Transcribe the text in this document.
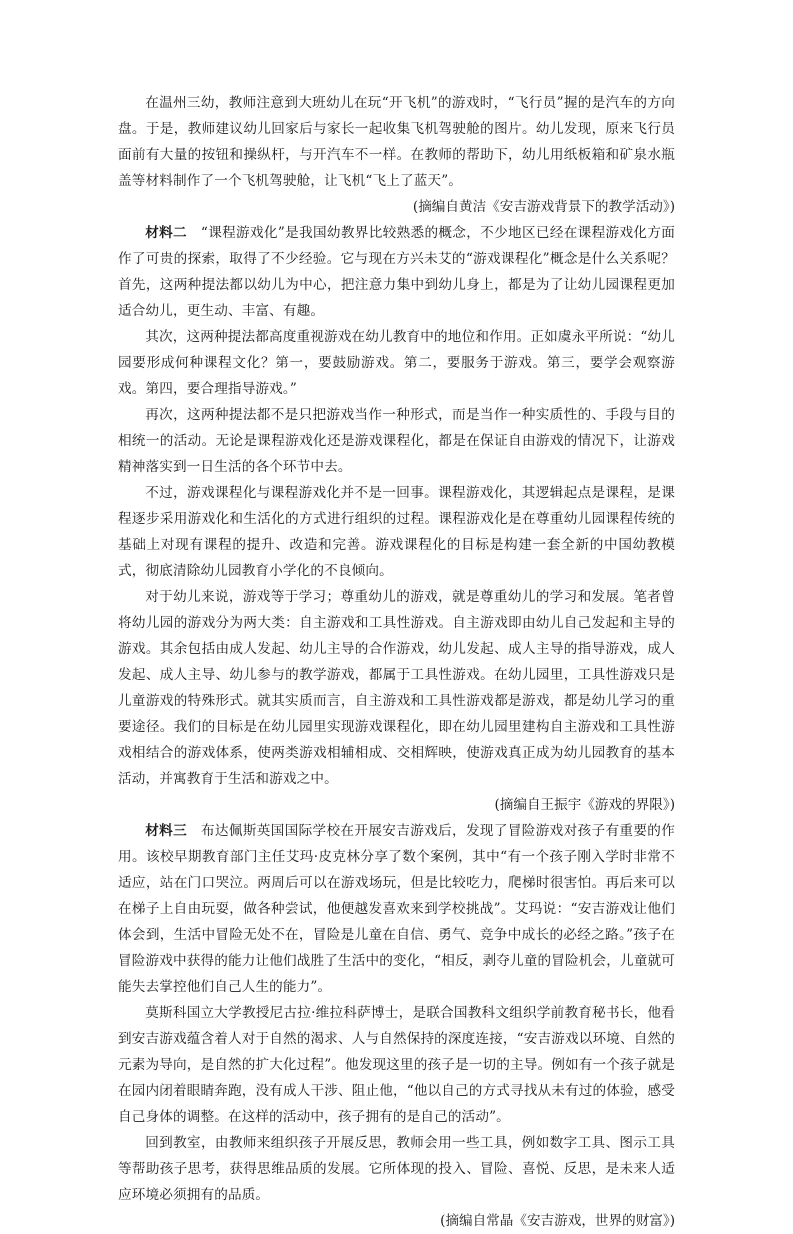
在温州三幼，教师注意到大班幼儿在玩“开飞机”的游戏时，“飞行员”握的是汽车的方向盘。于是，教师建议幼儿回家后与家长一起收集飞机驾驶舱的图片。幼儿发现，原来飞行员面前有大量的按钮和操纵杆，与开汽车不一样。在教师的帮助下，幼儿用纸板箱和矿泉水瓶盖等材料制作了一个飞机驾驶舱，让飞机“飞上了蓝天”。

(摘编自黄洁《安吉游戏背景下的教学活动》)

材料二　“课程游戏化”是我国幼教界比较熟悉的概念，不少地区已经在课程游戏化方面作了可贵的探索，取得了不少经验。它与现在方兴未艾的“游戏课程化”概念是什么关系呢？首先，这两种提法都以幼儿为中心，把注意力集中到幼儿身上，都是为了让幼儿园课程更加适合幼儿，更生动、丰富、有趣。

其次，这两种提法都高度重视游戏在幼儿教育中的地位和作用。正如虞永平所说：“幼儿园要形成何种课程文化？第一，要鼓励游戏。第二，要服务于游戏。第三，要学会观察游戏。第四，要合理指导游戏。”

再次，这两种提法都不是只把游戏当作一种形式，而是当作一种实质性的、手段与目的相统一的活动。无论是课程游戏化还是游戏课程化，都是在保证自由游戏的情况下，让游戏精神落实到一日生活的各个环节中去。

不过，游戏课程化与课程游戏化并不是一回事。课程游戏化，其逻辑起点是课程，是课程逐步采用游戏化和生活化的方式进行组织的过程。课程游戏化是在尊重幼儿园课程传统的基础上对现有课程的提升、改造和完善。游戏课程化的目标是构建一套全新的中国幼教模式，彻底清除幼儿园教育小学化的不良倾向。

对于幼儿来说，游戏等于学习；尊重幼儿的游戏，就是尊重幼儿的学习和发展。笔者曾将幼儿园的游戏分为两大类：自主游戏和工具性游戏。自主游戏即由幼儿自己发起和主导的游戏。其余包括由成人发起、幼儿主导的合作游戏，幼儿发起、成人主导的指导游戏，成人发起、成人主导、幼儿参与的教学游戏，都属于工具性游戏。在幼儿园里，工具性游戏只是儿童游戏的特殊形式。就其实质而言，自主游戏和工具性游戏都是游戏，都是幼儿学习的重要途径。我们的目标是在幼儿园里实现游戏课程化，即在幼儿园里建构自主游戏和工具性游戏相结合的游戏体系，使两类游戏相辅相成、交相辉映，使游戏真正成为幼儿园教育的基本活动，并寓教育于生活和游戏之中。

(摘编自王振宇《游戏的界限》)

材料三　布达佩斯英国国际学校在开展安吉游戏后，发现了冒险游戏对孩子有重要的作用。该校早期教育部门主任艾玛·皮克林分享了数个案例，其中“有一个孩子刚入学时非常不适应，站在门口哭泣。两周后可以在游戏场玩，但是比较吃力，爬梯时很害怕。再后来可以在梯子上自由玩耍，做各种尝试，他便越发喜欢来到学校挑战”。艾玛说：“安吉游戏让他们体会到，生活中冒险无处不在，冒险是儿童在自信、勇气、竞争中成长的必经之路。”孩子在冒险游戏中获得的能力让他们战胜了生活中的变化，“相反，剥夺儿童的冒险机会，儿童就可能失去掌控他们自己人生的能力”。

莫斯科国立大学教授尼古拉·维拉科萨博士，是联合国教科文组织学前教育秘书长，他看到安吉游戏蕴含着人对于自然的渴求、人与自然保持的深度连接，“安吉游戏以环境、自然的元素为导向，是自然的扩大化过程”。他发现这里的孩子是一切的主导。例如有一个孩子就是在园内闭着眼睛奔跑，没有成人干涉、阻止他，“他以自己的方式寻找从未有过的体验，感受自己身体的调整。在这样的活动中，孩子拥有的是自己的活动”。

回到教室，由教师来组织孩子开展反思，教师会用一些工具，例如数字工具、图示工具等帮助孩子思考，获得思维品质的发展。它所体现的投入、冒险、喜悦、反思，是未来人适应环境必须拥有的品质。

(摘编自常晶《安吉游戏，世界的财富》)
